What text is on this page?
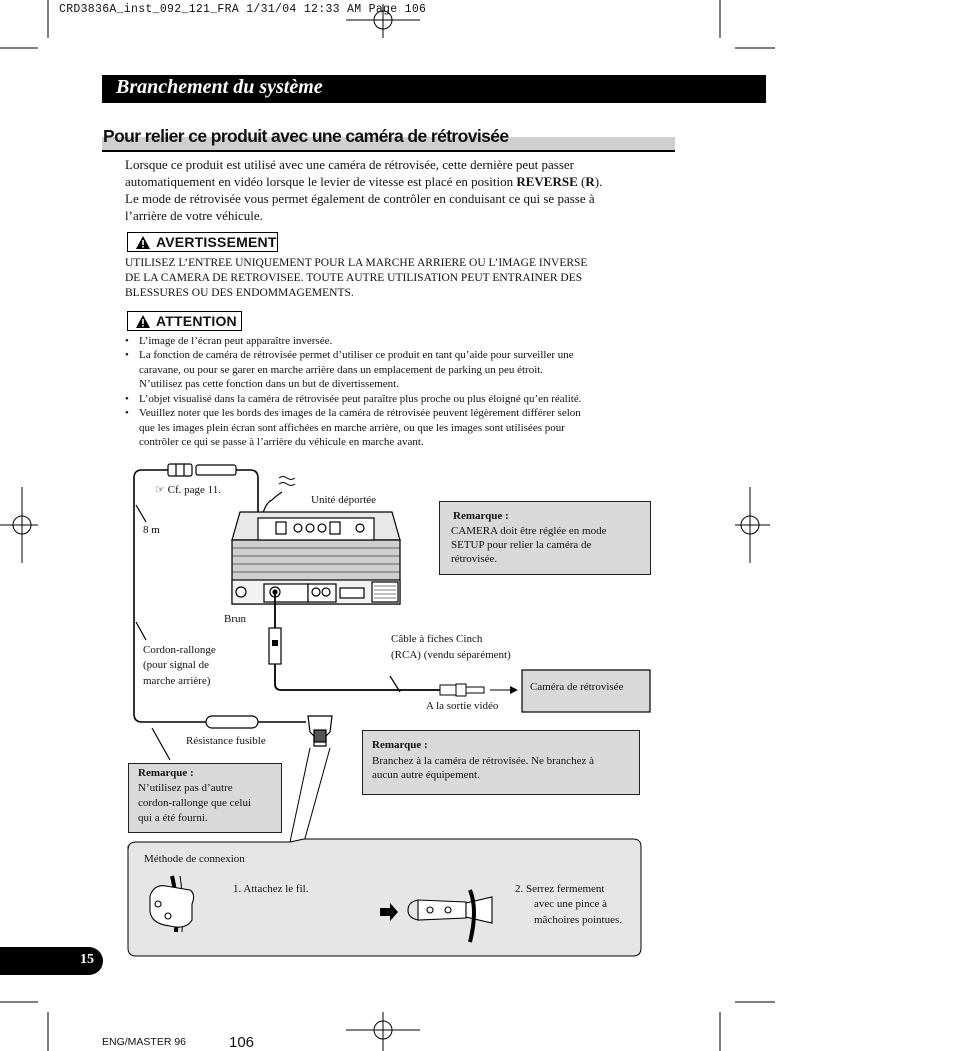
CRD3836A_inst_092_121_FRA 1/31/04 12:33 AM Page 106
Branchement du système
Pour relier ce produit avec une caméra de rétrovisée
Lorsque ce produit est utilisé avec une caméra de rétrovisée, cette dernière peut passer
automatiquement en vidéo lorsque le levier de vitesse est placé en position REVERSE (R).
Le mode de rétrovisée vous permet également de contrôler en conduisant ce qui se passe à
l’arrière de votre véhicule.
AVERTISSEMENT
UTILISEZ L’ENTREE UNIQUEMENT POUR LA MARCHE ARRIERE OU L’IMAGE INVERSE
DE LA CAMERA DE RETROVISEE. TOUTE AUTRE UTILISATION PEUT ENTRAINER DES
BLESSURES OU DES ENDOMMAGEMENTS.
ATTENTION
• L’image de l’écran peut apparaître inversée.
• La fonction de caméra de rétrovisée permet d’utiliser ce produit en tant qu’aide pour surveiller une
caravane, ou pour se garer en marche arrière dans un emplacement de parking un peu étroit.
N’utilisez pas cette fonction dans un but de divertissement.
• L’objet visualisé dans la caméra de rétrovisée peut paraître plus proche ou plus éloigné qu’en réalité.
• Veuillez noter que les bords des images de la caméra de rétrovisée peuvent légèrement différer selon
que les images plein écran sont affichées en marche arrière, ou que les images sont utilisées pour
contrôler ce qui se passe à l’arrière du véhicule en marche avant.
☞ Cf. page 11.
Unité déportée
8 m
Brun
Cordon-rallonge
(pour signal de
marche arrière)
Câble à fiches Cinch
(RCA) (vendu séparément)
Caméra de rétrovisée
A la sortie vidéo
Résistance fusible
Remarque :
CAMERA doit être réglée en mode
SETUP pour relier la caméra de
rétrovisée.
Remarque :
Branchez à la caméra de rétrovisée. Ne branchez à
aucun autre équipement.
Remarque :
N’utilisez pas d’autre
cordon-rallonge que celui
qui a été fourni.
Méthode de connexion
1. Attachez le fil.	2. Serrez fermement
avec une pince à
mâchoires pointues.
15
ENG/MASTER 96	106
